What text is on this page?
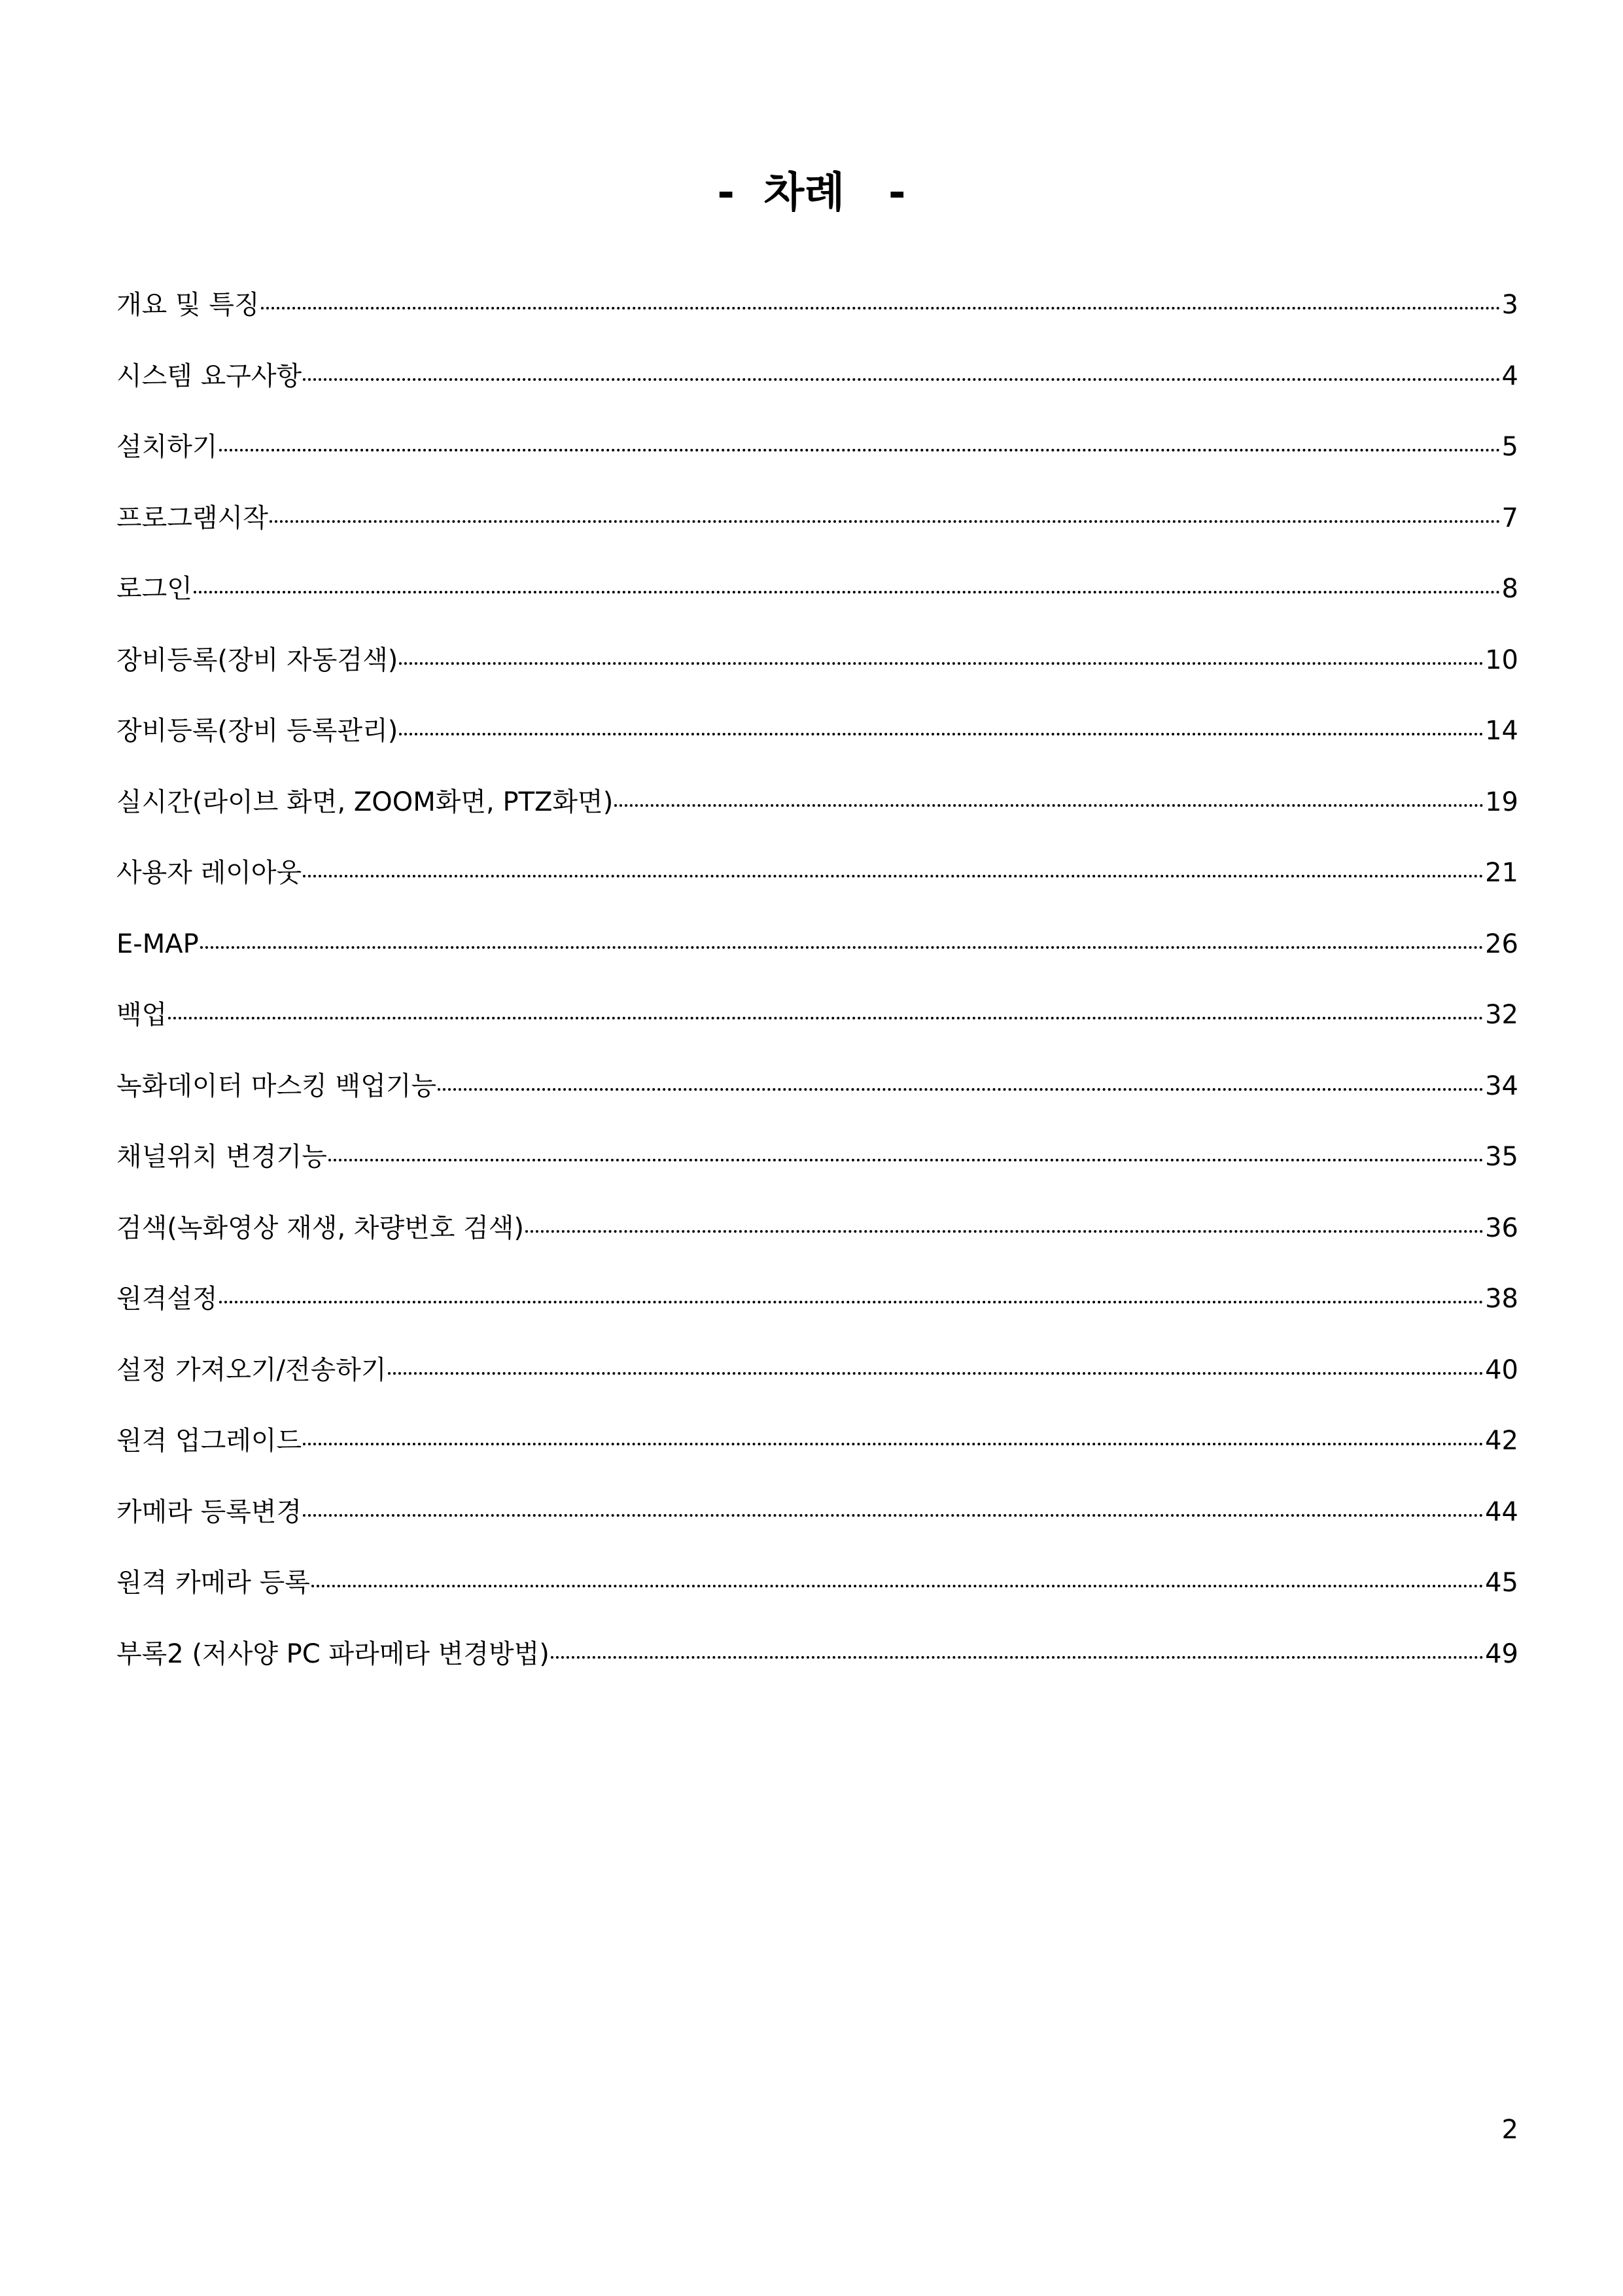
-  차례   -
개요 및 특징	3
시스템 요구사항	4
설치하기	5
프로그램시작	7
로그인	8
장비등록(장비 자동검색)	10
장비등록(장비 등록관리)	14
실시간(라이브 화면, ZOOM화면, PTZ화면)	19
사용자 레이아웃	21
E-MAP	26
백업	32
녹화데이터 마스킹 백업기능	34
채널위치 변경기능	35
검색(녹화영상 재생, 차량번호 검색)	36
원격설정	38
설정 가져오기/전송하기	40
원격 업그레이드	42
카메라 등록변경	44
원격 카메라 등록	45
부록2 (저사양 PC 파라메타 변경방법)	49
2
